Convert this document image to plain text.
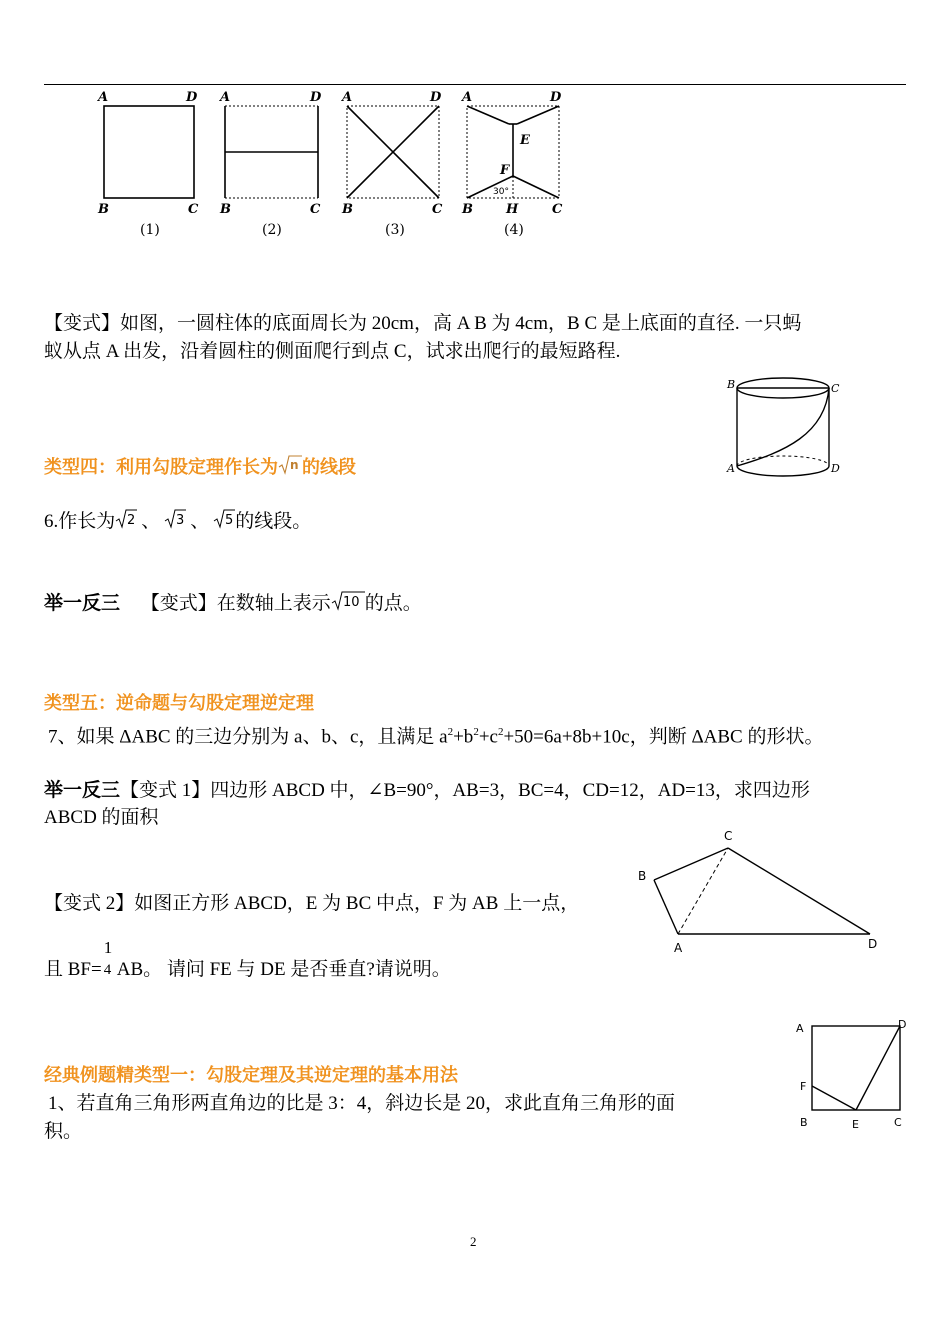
A	D
B	C
A	D
B	C
A	D
B	C
A	D
E
F
B	H	C
30°
(1)	(2)	(3)	(4)
【变式】如图，一圆柱体的底面周长为 20cm，高 A B 为 4cm，B C 是上底面的直径. 一只蚂
蚁从点 A 出发，沿着圆柱的侧面爬行到点 C，试求出爬行的最短路程.
B	C
A	D
类型四：利用勾股定理作长为 n 的线段
6.作长为 2 、 3 、 5 的线段。
举一反三 【变式】在数轴上表示 10 的点。
类型五：逆命题与勾股定理逆定理
7、如果 ΔABC 的三边分别为 a、b、c，且满足 $a^2+b^2+c^2+50=6a+8b+10c$，判断 ΔABC 的形状。
举一反三【变式 1】四边形 ABCD 中，∠B=90°，AB=3，BC=4，CD=12，AD=13，求四边形
ABCD 的面积
C
B
A	D
【变式 2】如图正方形 ABCD，E 为 BC 中点，F 为 AB 上一点，
且 BF=
1
4 AB。 请问 FE 与 DE 是否垂直?请说明。
A	D
F
B	E	C
经典例题精类型一：勾股定理及其逆定理的基本用法
1、若直角三角形两直角边的比是 3：4，斜边长是 20，求此直角三角形的面
积。
2
